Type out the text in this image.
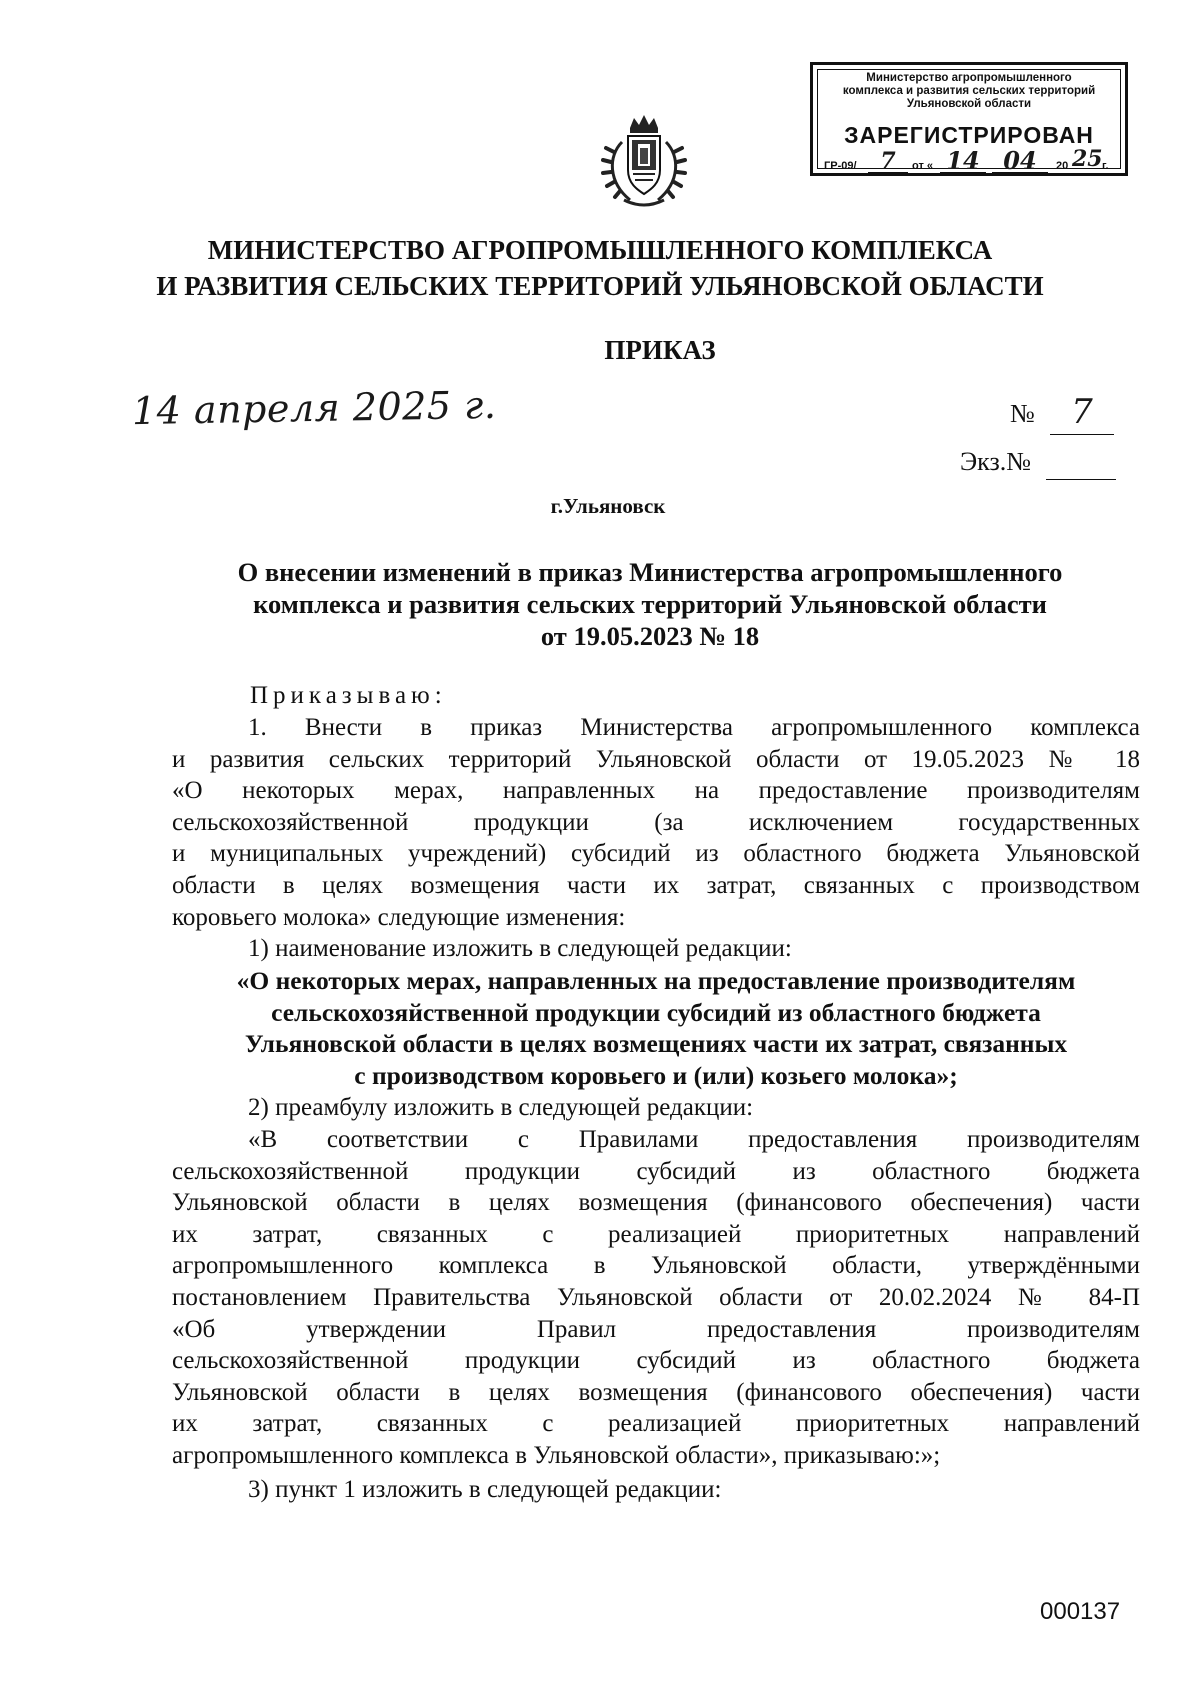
Министерство агропромышленного
комплекса и развития сельских территорий
Ульяновской области
ЗАРЕГИСТРИРОВАН
ГР-09/	7	от « 14 04	20 25 г.
МИНИСТЕРСТВО АГРОПРОМЫШЛЕННОГО КОМПЛЕКСА
И РАЗВИТИЯ СЕЛЬСКИХ ТЕРРИТОРИЙ УЛЬЯНОВСКОЙ ОБЛАСТИ
ПРИКАЗ
14 апреля 2025 г.	№	7
Экз.№
г.Ульяновск
О внесении изменений в приказ Министерства агропромышленного
комплекса и развития сельских территорий Ульяновской области
от 19.05.2023 № 18
Приказываю:
1. Внести в приказ Министерства агропромышленного комплекса
и развития сельских территорий Ульяновской области от 19.05.2023 № 18
«О некоторых мерах, направленных на предоставление производителям
сельскохозяйственной продукции (за исключением государственных
и муниципальных учреждений) субсидий из областного бюджета Ульяновской
области в целях возмещения части их затрат, связанных с производством
коровьего молока» следующие изменения:
1) наименование изложить в следующей редакции:
«О некоторых мерах, направленных на предоставление производителям
сельскохозяйственной продукции субсидий из областного бюджета
Ульяновской области в целях возмещениях части их затрат, связанных
с производством коровьего и (или) козьего молока»;
2) преамбулу изложить в следующей редакции:
«В соответствии с Правилами предоставления производителям
сельскохозяйственной продукции субсидий из областного бюджета
Ульяновской области в целях возмещения (финансового обеспечения) части
их затрат, связанных с реализацией приоритетных направлений
агропромышленного комплекса в Ульяновской области, утверждёнными
постановлением Правительства Ульяновской области от 20.02.2024 № 84-П
«Об утверждении Правил предоставления производителям
сельскохозяйственной продукции субсидий из областного бюджета
Ульяновской области в целях возмещения (финансового обеспечения) части
их затрат, связанных с реализацией приоритетных направлений
агропромышленного комплекса в Ульяновской области», приказываю:»;
3) пункт 1 изложить в следующей редакции:
000137
